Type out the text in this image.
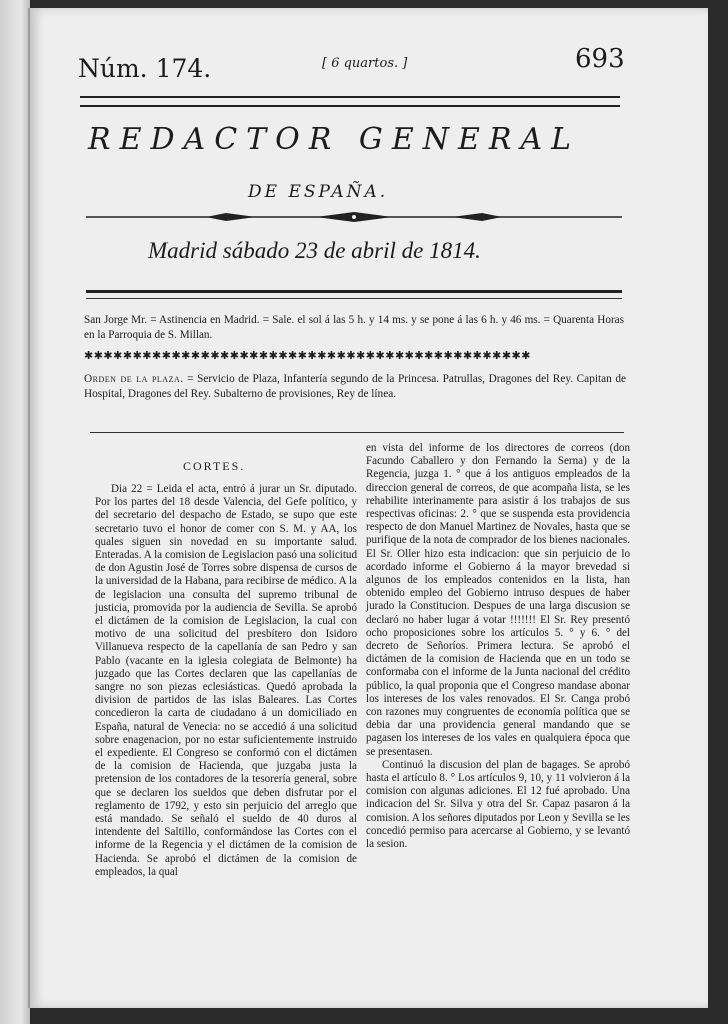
Núm. 174.	[ 6 quartos. ]	693
REDACTOR GENERAL
DE ESPAÑA.
Madrid sábado 23 de abril de 1814.
San Jorge Mr. = Astinencia en Madrid. = Sale. el sol á las 5 h. y 14 ms. y se pone á las 6 h. y 46 ms. = Quarenta Horas en la Parroquia de S. Millan.
✱✱✱✱✱✱✱✱✱✱✱✱✱✱✱✱✱✱✱✱✱✱✱✱✱✱✱✱✱✱✱✱✱✱✱✱✱✱✱✱✱✱✱✱✱✱
Orden de la plaza. = Servicio de Plaza, Infantería segundo de la Princesa. Patrullas, Dragones del Rey. Capitan de Hospital, Dragones del Rey. Subalterno de provisiones, Rey de línea.
CORTES.

Dia 22 = Leida el acta, entró á jurar un Sr. diputado. Por los partes del 18 desde Valencia, del Gefe político, y del secretario del despacho de Estado, se supo que este secretario tuvo el honor de comer con S. M. y AA, los quales siguen sin novedad en su importante salud. Enteradas. A la comision de Legislacion pasó una solicitud de don Agustin José de Torres sobre dispensa de cursos de la universidad de la Habana, para recibirse de médico. A la de legislacion una consulta del supremo tribunal de justicia, promovida por la audiencia de Sevilla. Se aprobó el dictámen de la comision de Legislacion, la cual con motivo de una solicitud del presbítero don Isidoro Villanueva respecto de la capellanía de san Pedro y san Pablo (vacante en la iglesia colegiata de Belmonte) ha juzgado que las Cortes declaren que las capellanías de sangre no son piezas eclesiásticas. Quedó aprobada la division de partidos de las islas Baleares. Las Cortes concedieron la carta de ciudadano á un domiciliado en España, natural de Venecia: no se accedió á una solicitud sobre enagenacion, por no estar suficientemente instruido el expediente. El Congreso se conformó con el dictámen de la comision de Hacienda, que juzgaba justa la pretension de los contadores de la tesorería general, sobre que se declaren los sueldos que deben disfrutar por el reglamento de 1792, y esto sin perjuicio del arreglo que está mandado. Se señaló el sueldo de 40 duros al intendente del Saltillo, conformándose las Cortes con el informe de la Regencia y el dictámen de la comision de Hacienda. Se aprobó el dictámen de la comision de empleados, la qual

en vista del informe de los directores de correos (don Facundo Caballero y don Fernando la Serna) y de la Regencia, juzga 1. ° que á los antiguos empleados de la direccion general de correos, de que acompaña lista, se les rehabilite interinamente para asistir á los trabajos de sus respectivas oficinas: 2. ° que se suspenda esta providencia respecto de don Manuel Martinez de Novales, hasta que se purifique de la nota de comprador de los bienes nacionales. El Sr. Oller hizo esta indicacion: que sin perjuicio de lo acordado informe el Gobierno á la mayor brevedad si algunos de los empleados contenidos en la lista, han obtenido empleo del Gobierno intruso despues de haber jurado la Constitucion. Despues de una larga discusion se declaró no haber lugar á votar !!!!!!! El Sr. Rey presentó ocho proposiciones sobre los artículos 5. ° y 6. ° del decreto de Señoríos. Primera lectura. Se aprobó el dictámen de la comision de Hacienda que en un todo se conformaba con el informe de la Junta nacional del crédito público, la qual proponia que el Congreso mandase abonar los intereses de los vales renovados. El Sr. Canga probó con razones muy congruentes de economía política que se debia dar una providencia general mandando que se pagasen los intereses de los vales en qualquiera época que se presentasen.

Continuó la discusion del plan de bagages. Se aprobó hasta el artículo 8. ° Los artículos 9, 10, y 11 volvieron á la comision con algunas adiciones. El 12 fué aprobado. Una indicacion del Sr. Silva y otra del Sr. Capaz pasaron á la comision. A los señores diputados por Leon y Sevilla se les concedió permiso para acercarse al Gobierno, y se levantó la sesion.
